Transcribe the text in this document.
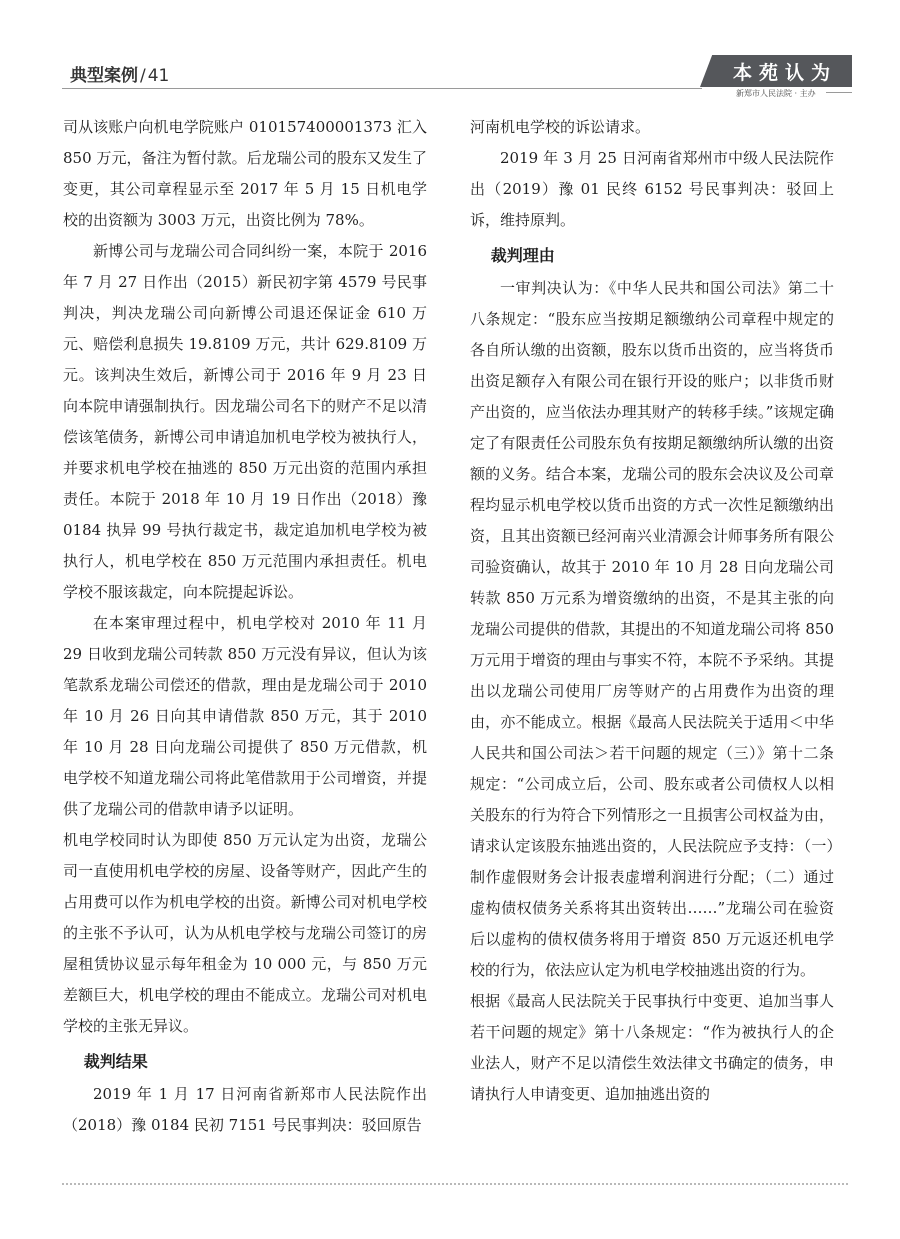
典型案例 / 41	本苑认为
新郑市人民法院 · 主办

司从该账户向机电学院账户 010157400001373 汇入 850 万元，备注为暂付款。后龙瑞公司的股东又发生了变更，其公司章程显示至 2017 年 5 月 15 日机电学校的出资额为 3003 万元，出资比例为 78%。

新博公司与龙瑞公司合同纠纷一案，本院于 2016 年 7 月 27 日作出（2015）新民初字第 4579 号民事判决，判决龙瑞公司向新博公司退还保证金 610 万元、赔偿利息损失 19.8109 万元，共计 629.8109 万元。该判决生效后，新博公司于 2016 年 9 月 23 日向本院申请强制执行。因龙瑞公司名下的财产不足以清偿该笔债务，新博公司申请追加机电学校为被执行人，并要求机电学校在抽逃的 850 万元出资的范围内承担责任。本院于 2018 年 10 月 19 日作出（2018）豫 0184 执异 99 号执行裁定书，裁定追加机电学校为被执行人，机电学校在 850 万元范围内承担责任。机电学校不服该裁定，向本院提起诉讼。

在本案审理过程中，机电学校对 2010 年 11 月 29 日收到龙瑞公司转款 850 万元没有异议，但认为该笔款系龙瑞公司偿还的借款，理由是龙瑞公司于 2010 年 10 月 26 日向其申请借款 850 万元，其于 2010 年 10 月 28 日向龙瑞公司提供了 850 万元借款，机电学校不知道龙瑞公司将此笔借款用于公司增资，并提供了龙瑞公司的借款申请予以证明。

机电学校同时认为即使 850 万元认定为出资，龙瑞公司一直使用机电学校的房屋、设备等财产，因此产生的占用费可以作为机电学校的出资。新博公司对机电学校的主张不予认可，认为从机电学校与龙瑞公司签订的房屋租赁协议显示每年租金为 10 000 元，与 850 万元差额巨大，机电学校的理由不能成立。龙瑞公司对机电学校的主张无异议。

裁判结果

2019 年 1 月 17 日河南省新郑市人民法院作出（2018）豫 0184 民初 7151 号民事判决：驳回原告

河南机电学校的诉讼请求。

2019 年 3 月 25 日河南省郑州市中级人民法院作出（2019）豫 01 民终 6152 号民事判决：驳回上诉，维持原判。

裁判理由

一审判决认为：《中华人民共和国公司法》第二十八条规定：“股东应当按期足额缴纳公司章程中规定的各自所认缴的出资额，股东以货币出资的，应当将货币出资足额存入有限公司在银行开设的账户；以非货币财产出资的，应当依法办理其财产的转移手续。”该规定确定了有限责任公司股东负有按期足额缴纳所认缴的出资额的义务。结合本案，龙瑞公司的股东会决议及公司章程均显示机电学校以货币出资的方式一次性足额缴纳出资，且其出资额已经河南兴业清源会计师事务所有限公司验资确认，故其于 2010 年 10 月 28 日向龙瑞公司转款 850 万元系为增资缴纳的出资，不是其主张的向龙瑞公司提供的借款，其提出的不知道龙瑞公司将 850 万元用于增资的理由与事实不符，本院不予采纳。其提出以龙瑞公司使用厂房等财产的占用费作为出资的理由，亦不能成立。根据《最高人民法院关于适用＜中华人民共和国公司法＞若干问题的规定（三）》第十二条规定：“公司成立后，公司、股东或者公司债权人以相关股东的行为符合下列情形之一且损害公司权益为由，请求认定该股东抽逃出资的，人民法院应予支持：（一）制作虚假财务会计报表虚增利润进行分配；（二）通过虚构债权债务关系将其出资转出……”龙瑞公司在验资后以虚构的债权债务将用于增资 850 万元返还机电学校的行为，依法应认定为机电学校抽逃出资的行为。

根据《最高人民法院关于民事执行中变更、追加当事人若干问题的规定》第十八条规定：“作为被执行人的企业法人，财产不足以清偿生效法律文书确定的债务，申请执行人申请变更、追加抽逃出资的
